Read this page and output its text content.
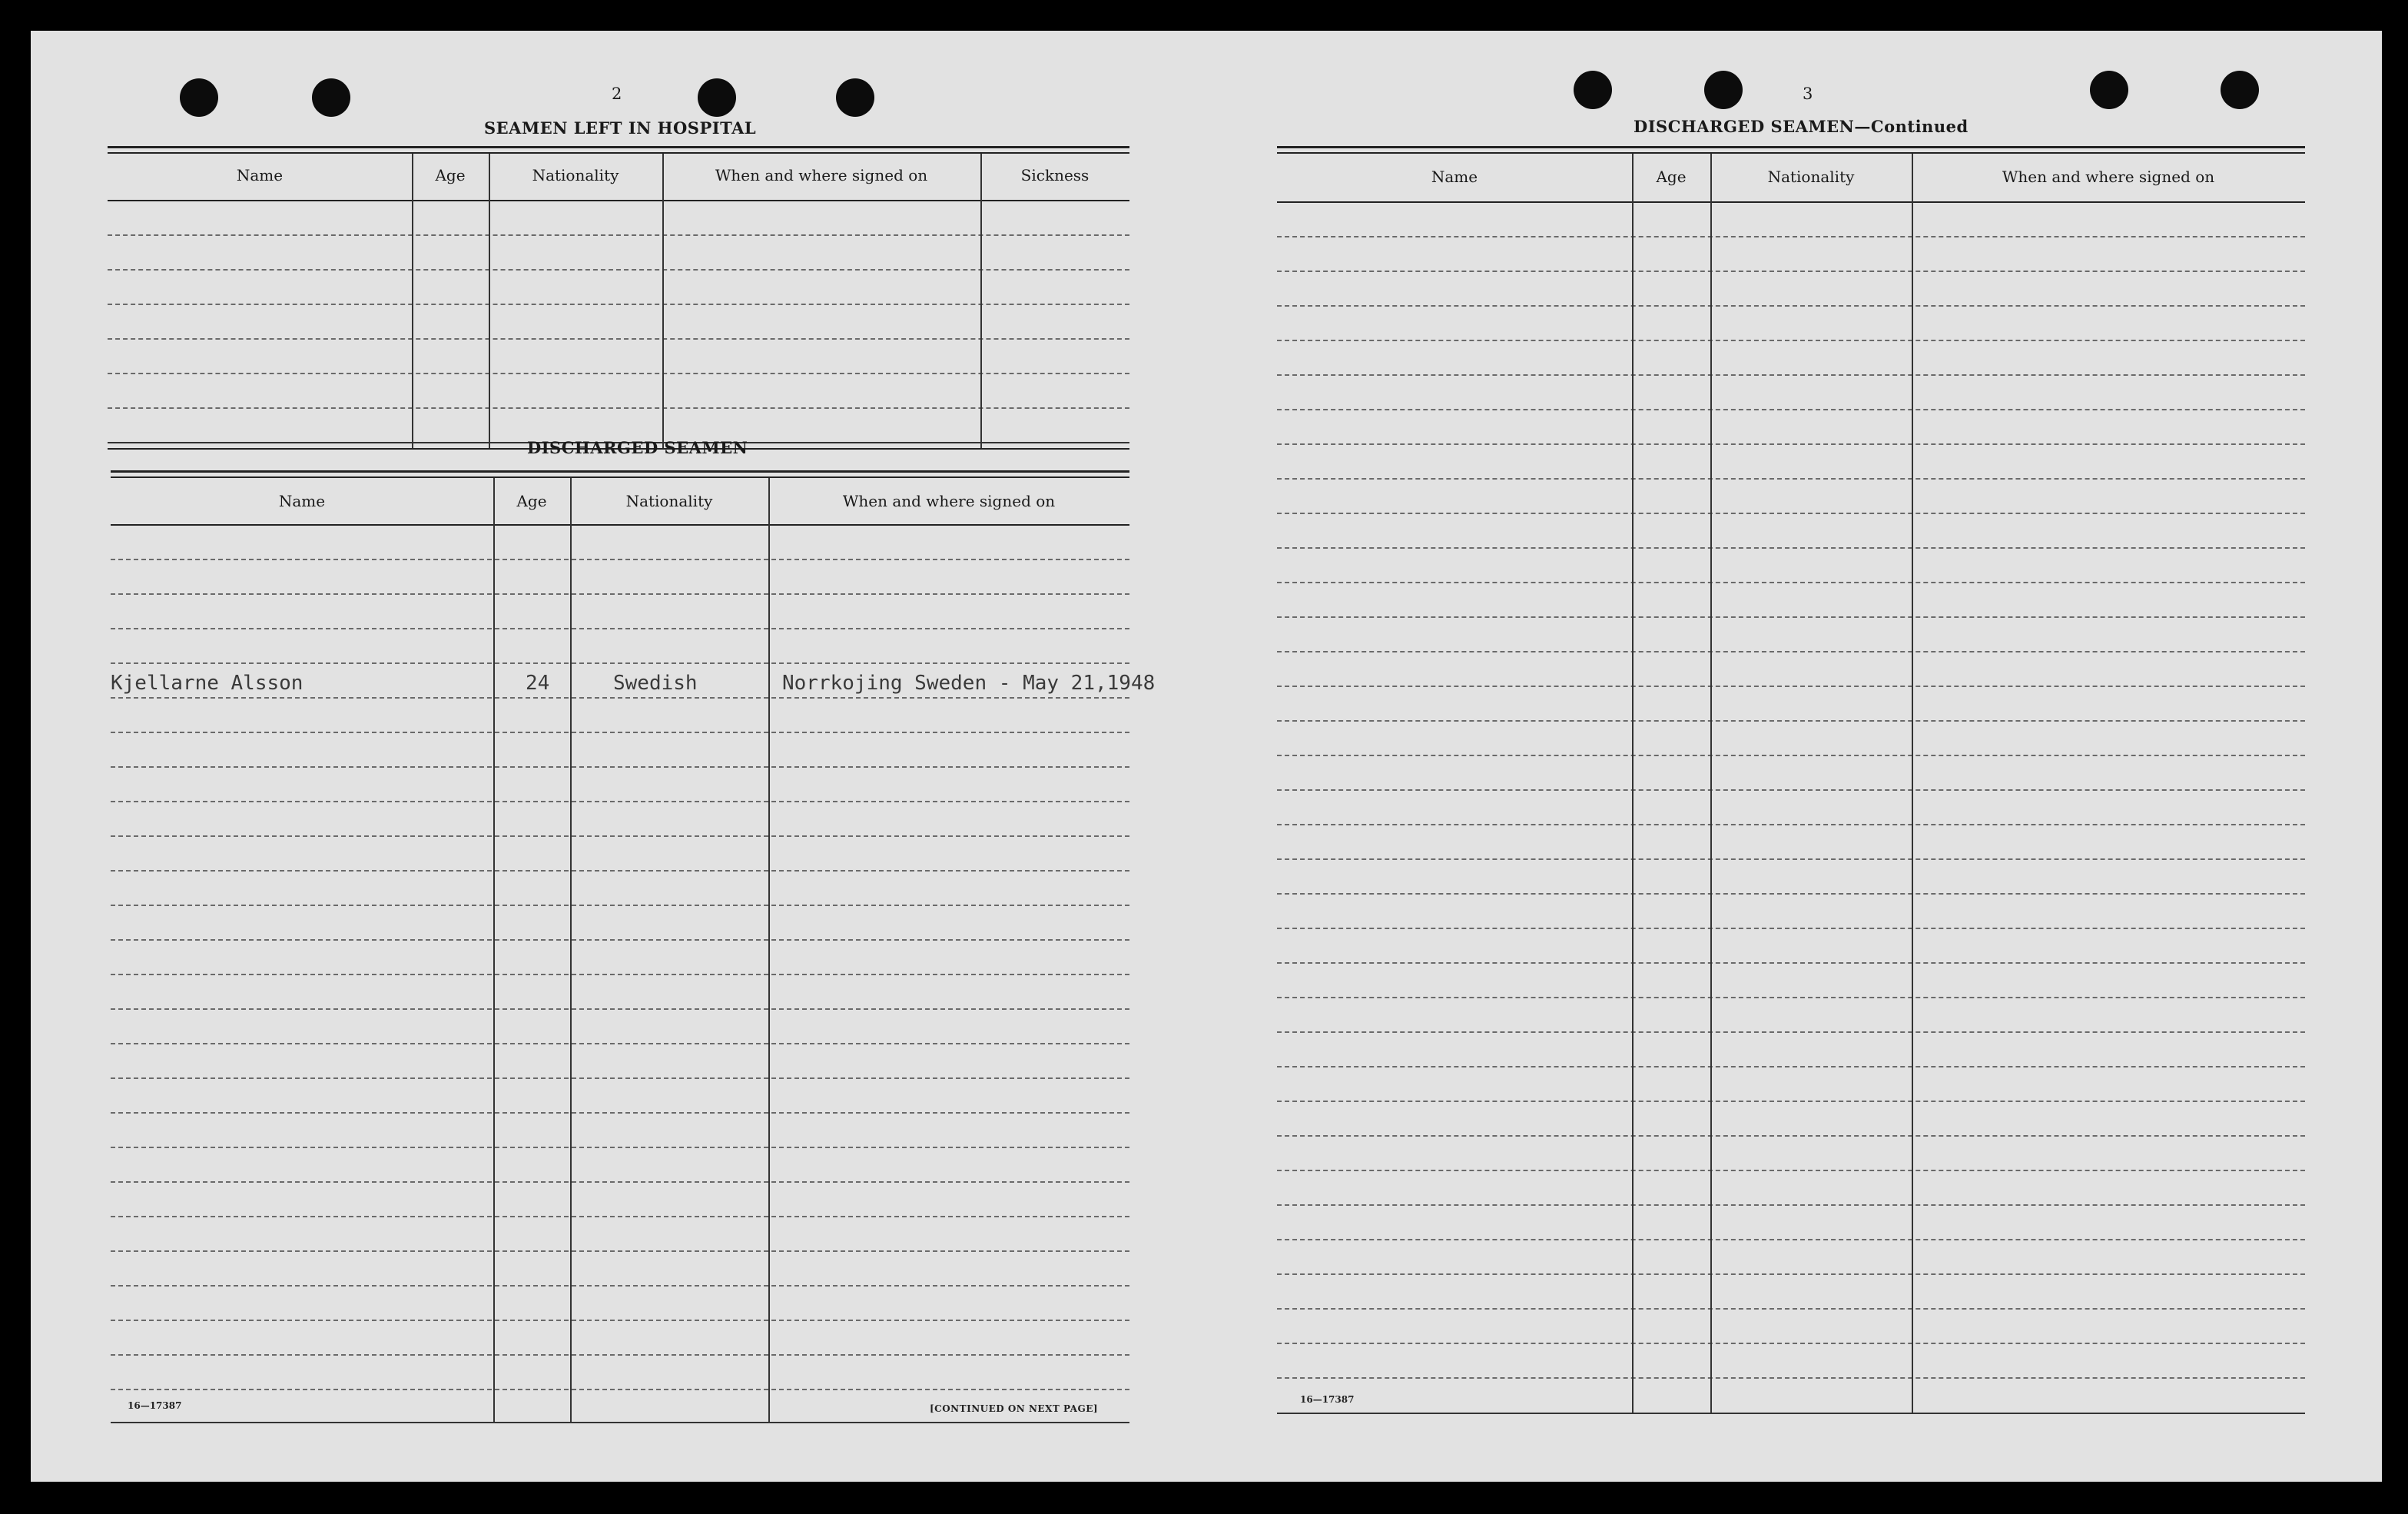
2
SEAMEN LEFT IN HOSPITAL
Name	Age	Nationality	When and where signed on	Sickness
DISCHARGED SEAMEN
Name	Age	Nationality	When and where signed on
Kjellarne Alsson	24	Swedish	Norrkojing Sweden - May 21,1948
16—17387	[CONTINUED ON NEXT PAGE]
3
DISCHARGED SEAMEN—Continued
Name	Age	Nationality	When and where signed on
16—17387
